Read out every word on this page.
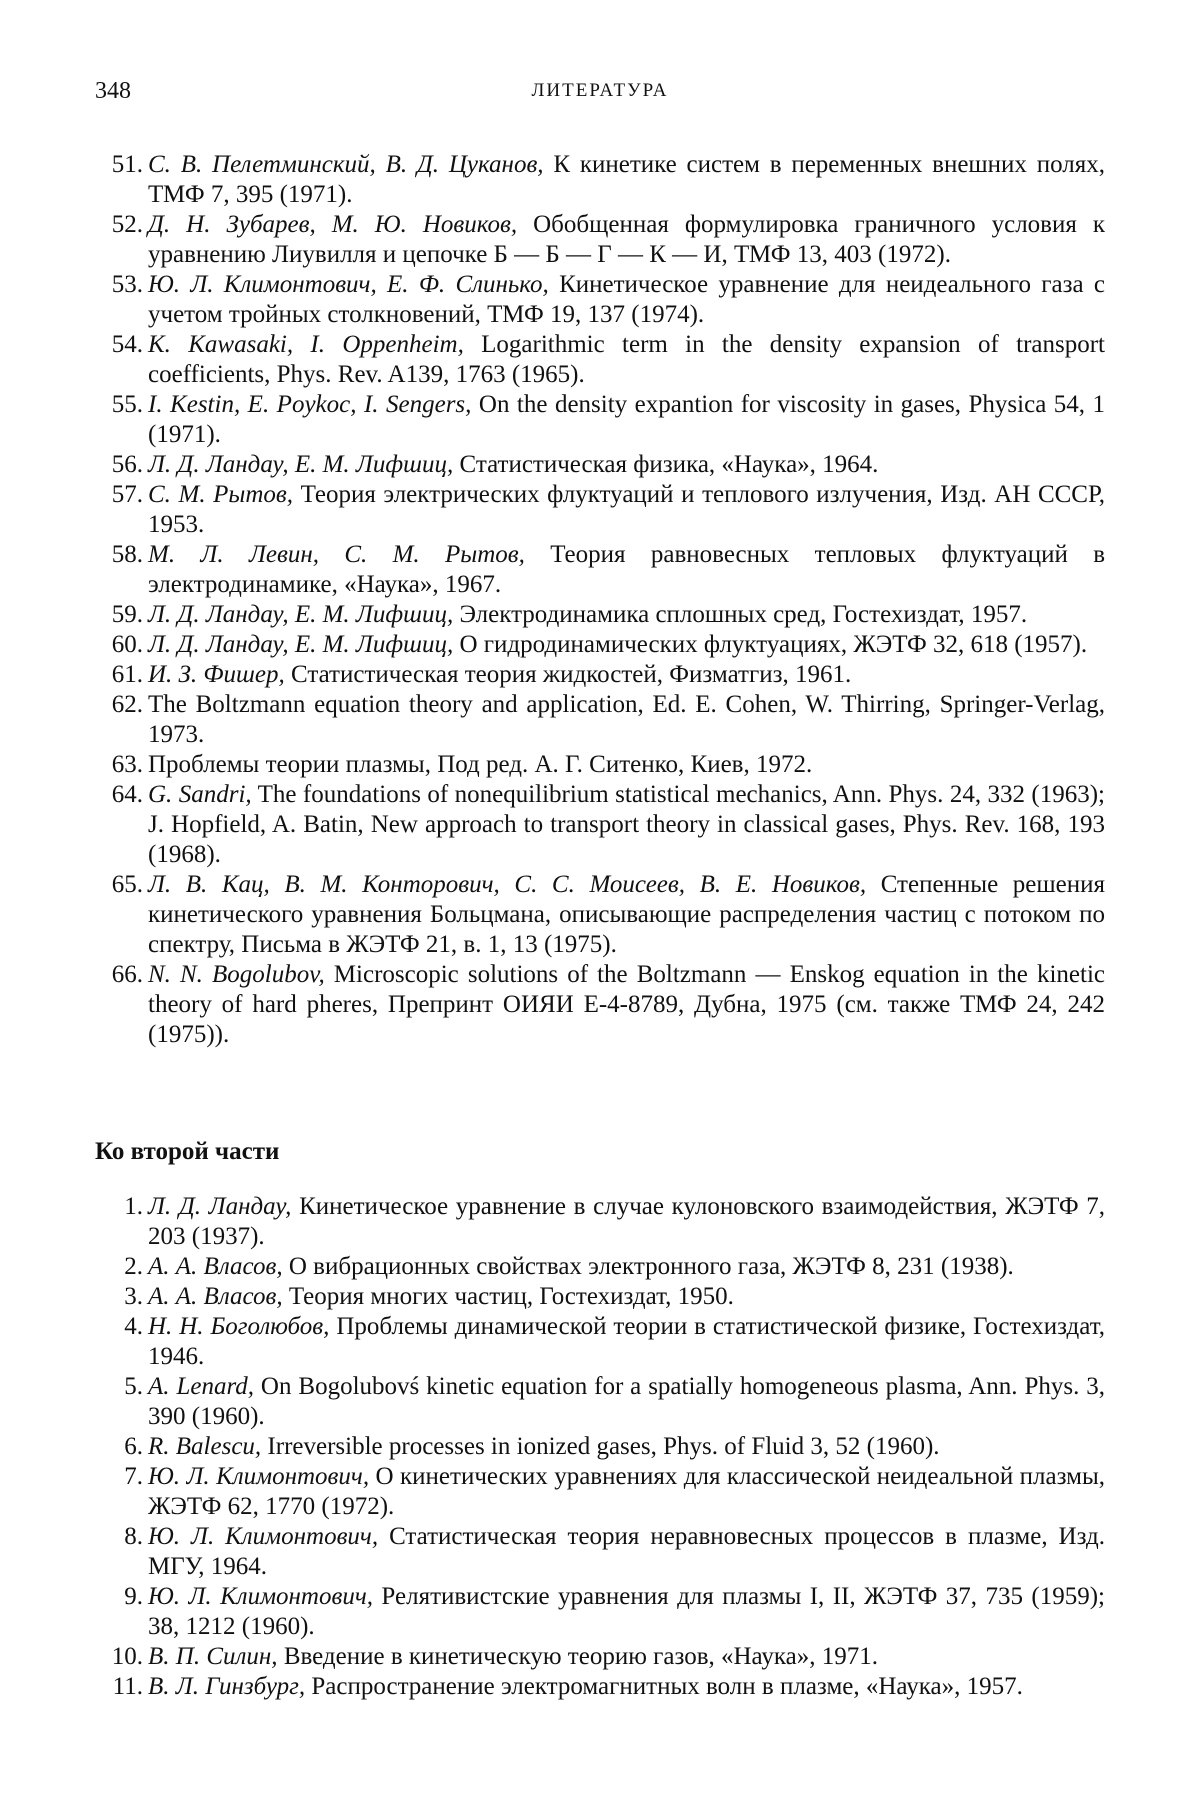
348	ЛИТЕРАТУРА
51. С. В. Пелетминский, В. Д. Цуканов, К кинетике систем в переменных внешних полях, ТМФ 7, 395 (1971).
52. Д. Н. Зубарев, М. Ю. Новиков, Обобщенная формулировка граничного условия к уравнению Лиувилля и цепочке Б — Б — Г — К — И, ТМФ 13, 403 (1972).
53. Ю. Л. Климонтович, Е. Ф. Слинько, Кинетическое уравнение для неидеального газа с учетом тройных столкновений, ТМФ 19, 137 (1974).
54. K. Kawasaki, I. Oppenheim, Logarithmic term in the density expansion of transport coefficients, Phys. Rev. A139, 1763 (1965).
55. I. Kestin, E. Poykoc, I. Sengers, On the density expantion for viscosity in gases, Physica 54, 1 (1971).
56. Л. Д. Ландау, Е. М. Лифшиц, Статистическая физика, «Наука», 1964.
57. С. М. Рытов, Теория электрических флуктуаций и теплового излучения, Изд. АН СССР, 1953.
58. М. Л. Левин, С. М. Рытов, Теория равновесных тепловых флуктуаций в электродинамике, «Наука», 1967.
59. Л. Д. Ландау, Е. М. Лифшиц, Электродинамика сплошных сред, Гостехиздат, 1957.
60. Л. Д. Ландау, Е. М. Лифшиц, О гидродинамических флуктуациях, ЖЭТФ 32, 618 (1957).
61. И. З. Фишер, Статистическая теория жидкостей, Физматгиз, 1961.
62. The Boltzmann equation theory and application, Ed. E. Cohen, W. Thirring, Springer-Verlag, 1973.
63. Проблемы теории плазмы, Под ред. А. Г. Ситенко, Киев, 1972.
64. G. Sandri, The foundations of nonequilibrium statistical mechanics, Ann. Phys. 24, 332 (1963); J. Hopfield, A. Batin, New approach to transport theory in classical gases, Phys. Rev. 168, 193 (1968).
65. Л. В. Кац, В. М. Конторович, С. С. Моисеев, В. Е. Новиков, Степенные решения кинетического уравнения Больцмана, описывающие распределения частиц с потоком по спектру, Письма в ЖЭТФ 21, в. 1, 13 (1975).
66. N. N. Bogolubov, Microscopic solutions of the Boltzmann — Enskog equation in the kinetic theory of hard pheres, Препринт ОИЯИ Е-4-8789, Дубна, 1975 (см. также ТМФ 24, 242 (1975)).
Ко второй части
1. Л. Д. Ландау, Кинетическое уравнение в случае кулоновского взаимодействия, ЖЭТФ 7, 203 (1937).
2. А. А. Власов, О вибрационных свойствах электронного газа, ЖЭТФ 8, 231 (1938).
3. А. А. Власов, Теория многих частиц, Гостехиздат, 1950.
4. Н. Н. Боголюбов, Проблемы динамической теории в статистической физике, Гостехиздат, 1946.
5. A. Lenard, On Bogolubovś kinetic equation for a spatially homogeneous plasma, Ann. Phys. 3, 390 (1960).
6. R. Balescu, Irreversible processes in ionized gases, Phys. of Fluid 3, 52 (1960).
7. Ю. Л. Климонтович, О кинетических уравнениях для классической неидеальной плазмы, ЖЭТФ 62, 1770 (1972).
8. Ю. Л. Климонтович, Статистическая теория неравновесных процессов в плазме, Изд. МГУ, 1964.
9. Ю. Л. Климонтович, Релятивистские уравнения для плазмы I, II, ЖЭТФ 37, 735 (1959); 38, 1212 (1960).
10. В. П. Силин, Введение в кинетическую теорию газов, «Наука», 1971.
11. В. Л. Гинзбург, Распространение электромагнитных волн в плазме, «Наука», 1957.
